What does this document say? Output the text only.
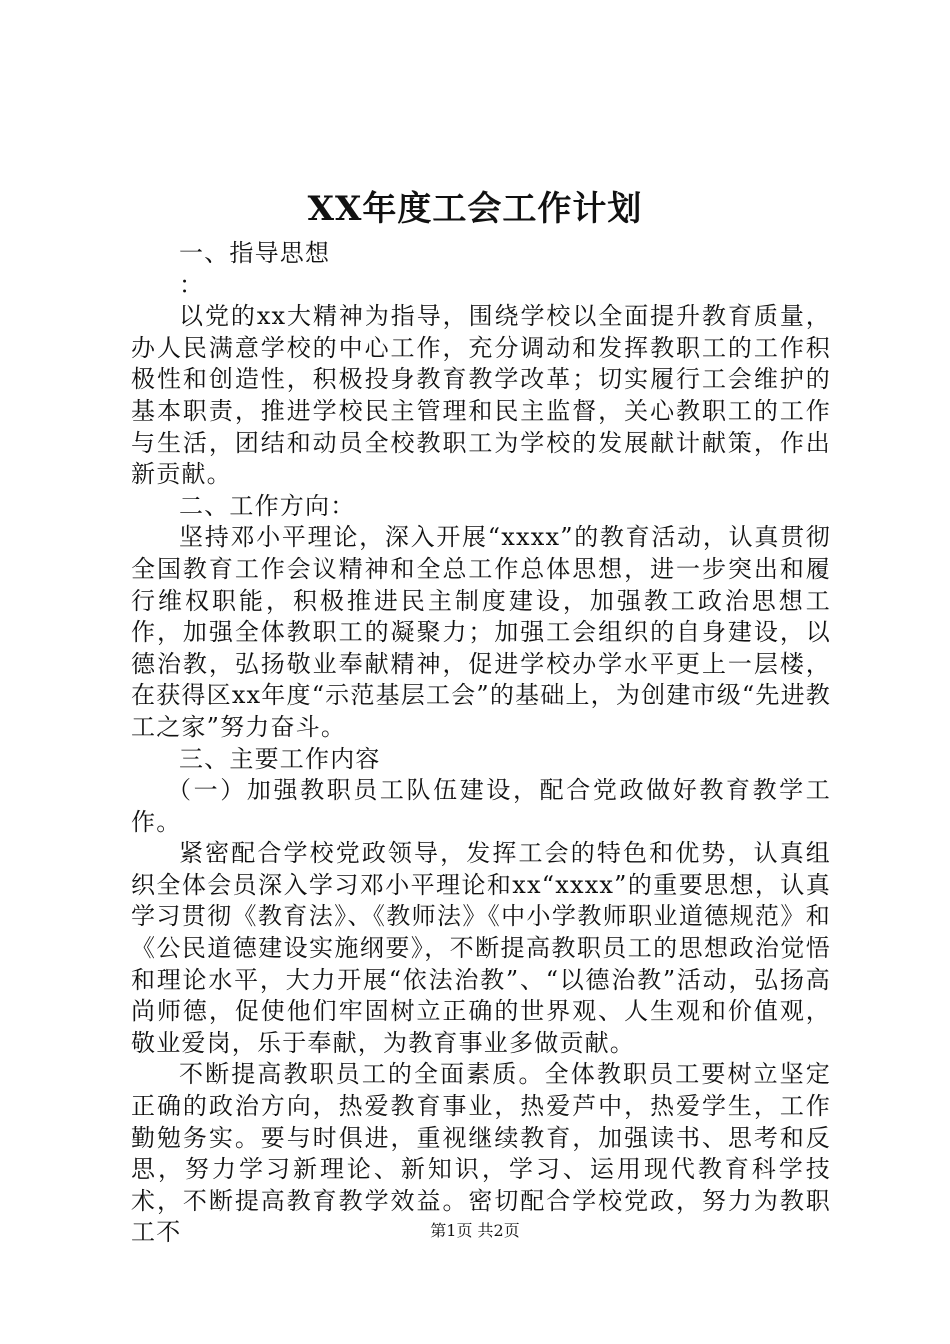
XX年度工会工作计划

一、指导思想

：

以党的xx大精神为指导，围绕学校以全面提升教育质量，办人民满意学校的中心工作，充分调动和发挥教职工的工作积极性和创造性，积极投身教育教学改革；切实履行工会维护的基本职责，推进学校民主管理和民主监督，关心教职工的工作与生活，团结和动员全校教职工为学校的发展献计献策，作出新贡献。

二、工作方向：

坚持邓小平理论，深入开展“xxxx”的教育活动，认真贯彻全国教育工作会议精神和全总工作总体思想，进一步突出和履行维权职能，积极推进民主制度建设，加强教工政治思想工作，加强全体教职工的凝聚力；加强工会组织的自身建设，以德治教，弘扬敬业奉献精神，促进学校办学水平更上一层楼，在获得区xx年度“示范基层工会”的基础上，为创建市级“先进教工之家”努力奋斗。

三、主要工作内容

（一）加强教职员工队伍建设，配合党政做好教育教学工作。

紧密配合学校党政领导，发挥工会的特色和优势，认真组织全体会员深入学习邓小平理论和xx“xxxx”的重要思想，认真学习贯彻《教育法》、《教师法》《中小学教师职业道德规范》和《公民道德建设实施纲要》，不断提高教职员工的思想政治觉悟和理论水平，大力开展“依法治教”、“以德治教”活动，弘扬高尚师德，促使他们牢固树立正确的世界观、人生观和价值观，敬业爱岗，乐于奉献，为教育事业多做贡献。

不断提高教职员工的全面素质。全体教职员工要树立坚定正确的政治方向，热爱教育事业，热爱芦中，热爱学生，工作勤勉务实。要与时俱进，重视继续教育，加强读书、思考和反思，努力学习新理论、新知识，学习、运用现代教育科学技术，不断提高教育教学效益。密切配合学校党政，努力为教职工不	第1页 共2页
